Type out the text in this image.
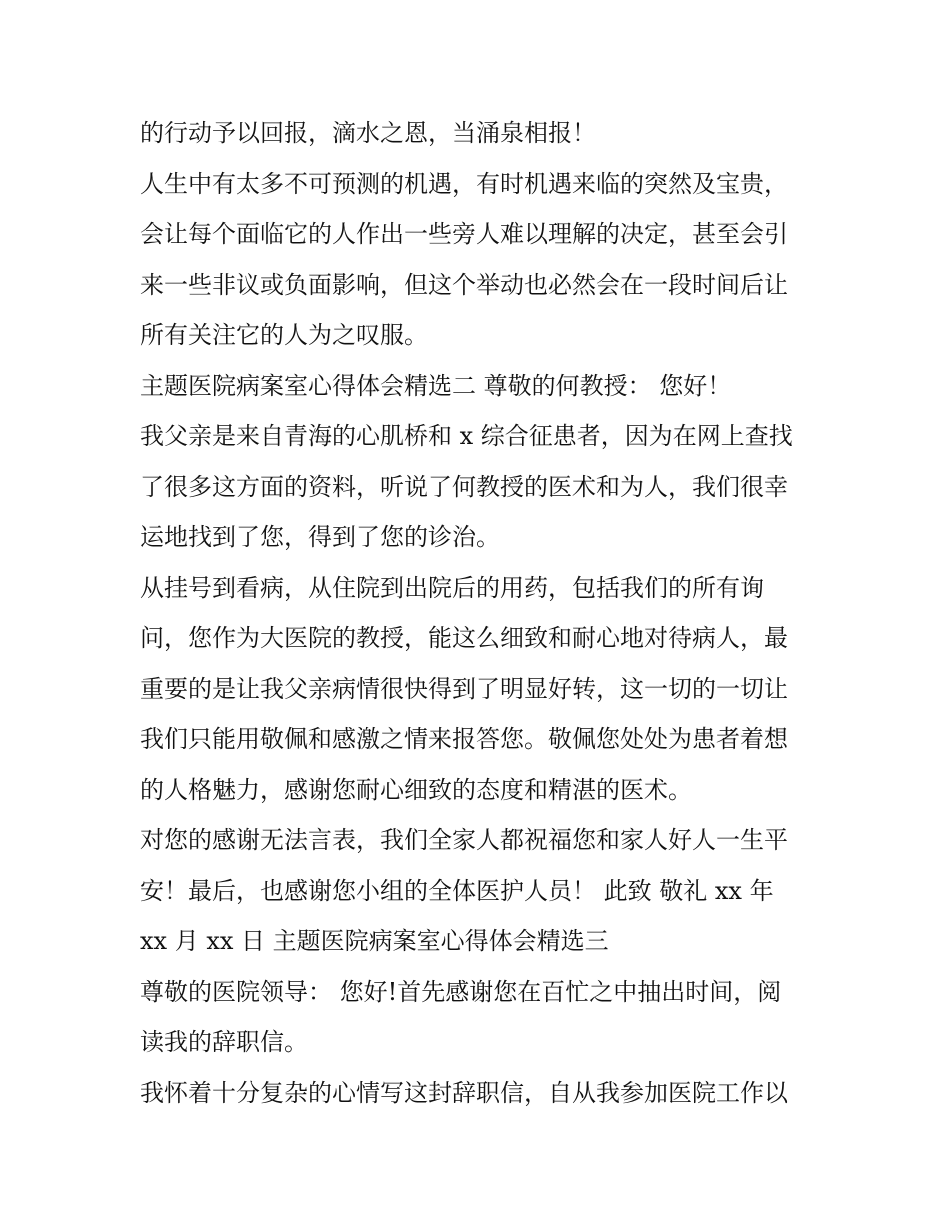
的行动予以回报，滴水之恩，当涌泉相报！
人生中有太多不可预测的机遇，有时机遇来临的突然及宝贵，
会让每个面临它的人作出一些旁人难以理解的决定，甚至会引
来一些非议或负面影响，但这个举动也必然会在一段时间后让
所有关注它的人为之叹服。
主题医院病案室心得体会精选二 尊敬的何教授： 您好！
我父亲是来自青海的心肌桥和 x 综合征患者，因为在网上查找
了很多这方面的资料，听说了何教授的医术和为人，我们很幸
运地找到了您，得到了您的诊治。
从挂号到看病，从住院到出院后的用药，包括我们的所有询
问，您作为大医院的教授，能这么细致和耐心地对待病人，最
重要的是让我父亲病情很快得到了明显好转，这一切的一切让
我们只能用敬佩和感激之情来报答您。敬佩您处处为患者着想
的人格魅力，感谢您耐心细致的态度和精湛的医术。
对您的感谢无法言表，我们全家人都祝福您和家人好人一生平
安！最后，也感谢您小组的全体医护人员！ 此致 敬礼 xx 年
xx 月 xx 日 主题医院病案室心得体会精选三
尊敬的医院领导： 您好!首先感谢您在百忙之中抽出时间，阅
读我的辞职信。
我怀着十分复杂的心情写这封辞职信，自从我参加医院工作以
